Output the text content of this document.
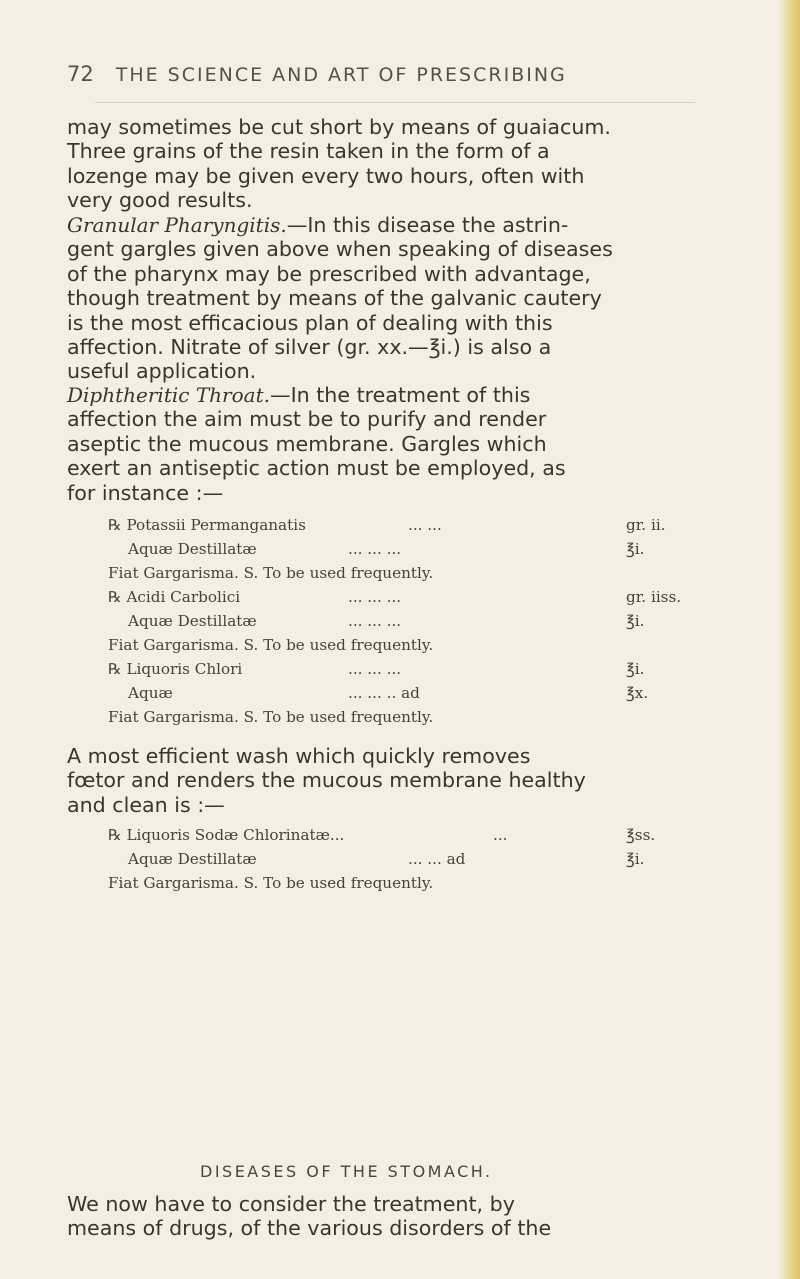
72 THE SCIENCE AND ART OF PRESCRIBING
may sometimes be cut short by means of guaiacum.
Three grains of the resin taken in the form of a
lozenge may be given every two hours, often with
very good results.
Granular Pharyngitis.—In this disease the astrin-
gent gargles given above when speaking of diseases
of the pharynx may be prescribed with advantage,
though treatment by means of the galvanic cautery
is the most efficacious plan of dealing with this
affection. Nitrate of silver (gr. xx.—℥i.) is also a
useful application.
Diphtheritic Throat.—In the treatment of this
affection the aim must be to purify and render
aseptic the mucous membrane. Gargles which
exert an antiseptic action must be employed, as
for instance :—
℞ Potassii Permanganatis	... ...	gr. ii.
Aquæ Destillatæ	... ... ...	℥i.
Fiat Gargarisma. S. To be used frequently.
℞ Acidi Carbolici	... ... ...	gr. iiss.
Aquæ Destillatæ	... ... ...	℥i.
Fiat Gargarisma. S. To be used frequently.
℞ Liquoris Chlori	... ... ...	℥i.
Aquæ	... ... .. ad	℥x.
Fiat Gargarisma. S. To be used frequently.
A most efficient wash which quickly removes
fœtor and renders the mucous membrane healthy
and clean is :—
℞ Liquoris Sodæ Chlorinatæ...	...	℥ss.
Aquæ Destillatæ	... ... ad	℥i.
Fiat Gargarisma. S. To be used frequently.
DISEASES OF THE STOMACH.
We now have to consider the treatment, by
means of drugs, of the various disorders of the
